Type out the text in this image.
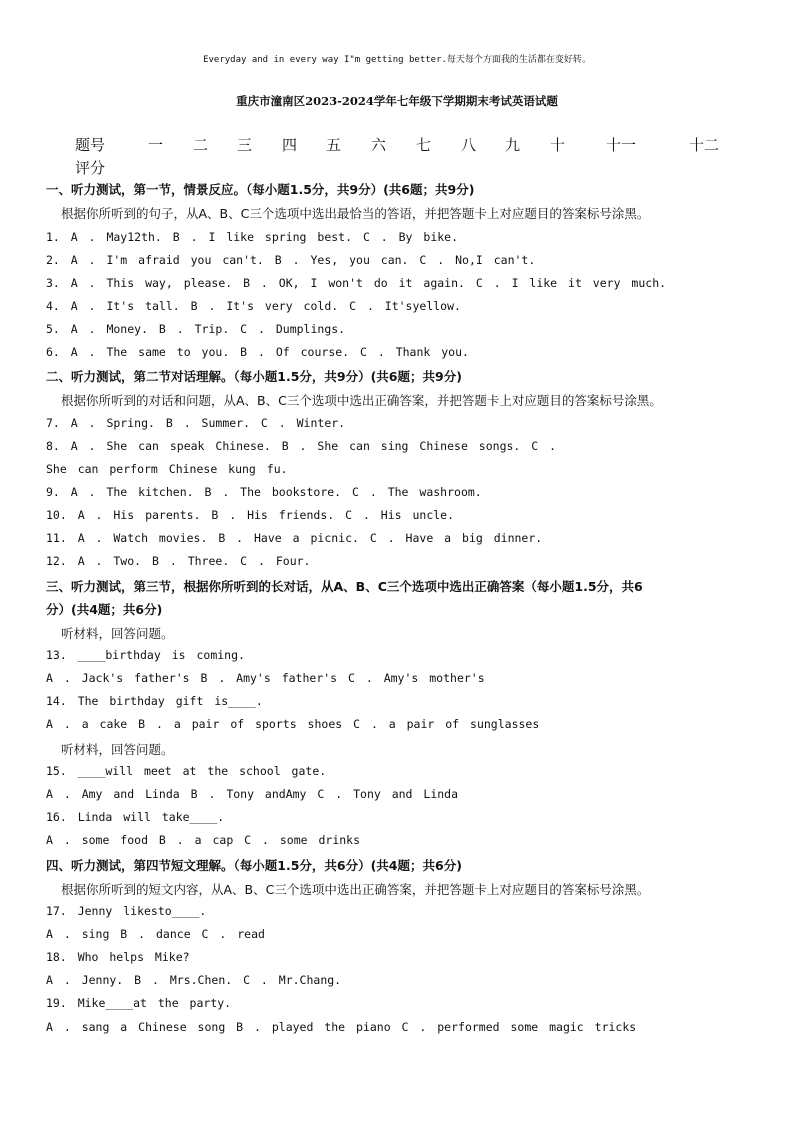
Everyday and in every way I"m getting better.每天每个方面我的生活都在变好转。
重庆市潼南区2023-2024学年七年级下学期期末考试英语试题
题号	一 二 三 四 五 六 七 八 九 十	十一	十二
评分
一、听力测试，第一节，情景反应。（每小题1.5分，共9分）(共6题；共9分)
根据你所听到的句子，从A、B、C三个选项中选出最恰当的答语，并把答题卡上对应题目的答案标号涂黑。
1. A . May12th. B . I like spring best. C . By bike.
2. A . I'm afraid you can't. B . Yes, you can. C . No,I can't.
3. A . This way, please. B . OK, I won't do it again. C . I like it very much.
4. A . It's tall. B . It's very cold. C . It'syellow.
5. A . Money. B . Trip. C . Dumplings.
6. A . The same to you. B . Of course. C . Thank you.
二、听力测试，第二节对话理解。（每小题1.5分，共9分）(共6题；共9分)
根据你所听到的对话和问题，从A、B、C三个选项中选出正确答案，并把答题卡上对应题目的答案标号涂黑。
7. A . Spring. B . Summer. C . Winter.
8. A . She can speak Chinese. B . She can sing Chinese songs. C .
She can perform Chinese kung fu.
9. A . The kitchen. B . The bookstore. C . The washroom.
10. A . His parents. B . His friends. C . His uncle.
11. A . Watch movies. B . Have a picnic. C . Have a big dinner.
12. A . Two. B . Three. C . Four.
三、听力测试，第三节，根据你所听到的长对话，从A、B、C三个选项中选出正确答案（每小题1.5分，共6
分）(共4题；共6分)
听材料，回答问题。
13. ____birthday is coming.
A . Jack's father's B . Amy's father's C . Amy's mother's
14. The birthday gift is____.
A . a cake B . a pair of sports shoes C . a pair of sunglasses
听材料，回答问题。
15. ____will meet at the school gate.
A . Amy and Linda B . Tony andAmy C . Tony and Linda
16. Linda will take____.
A . some food B . a cap C . some drinks
四、听力测试，第四节短文理解。（每小题1.5分，共6分）(共4题；共6分)
根据你所听到的短文内容，从A、B、C三个选项中选出正确答案，并把答题卡上对应题目的答案标号涂黑。
17. Jenny likesto____.
A . sing B . dance C . read
18. Who helps Mike?
A . Jenny. B . Mrs.Chen. C . Mr.Chang.
19. Mike____at the party.
A . sang a Chinese song B . played the piano C . performed some magic tricks
